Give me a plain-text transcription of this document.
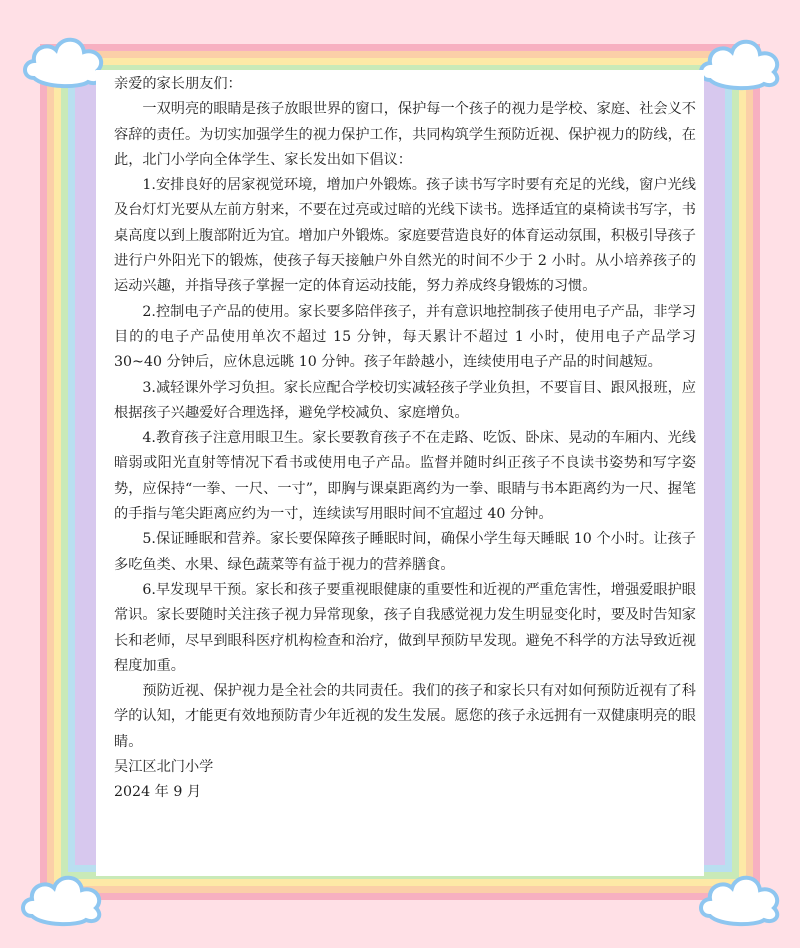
亲爱的家长朋友们：

一双明亮的眼睛是孩子放眼世界的窗口，保护每一个孩子的视力是学校、家庭、社会义不容辞的责任。为切实加强学生的视力保护工作，共同构筑学生预防近视、保护视力的防线，在此，北门小学向全体学生、家长发出如下倡议：

1.安排良好的居家视觉环境，增加户外锻炼。孩子读书写字时要有充足的光线，窗户光线及台灯灯光要从左前方射来，不要在过亮或过暗的光线下读书。选择适宜的桌椅读书写字，书桌高度以到上腹部附近为宜。增加户外锻炼。家庭要营造良好的体育运动氛围，积极引导孩子进行户外阳光下的锻炼，使孩子每天接触户外自然光的时间不少于 2 小时。从小培养孩子的运动兴趣，并指导孩子掌握一定的体育运动技能，努力养成终身锻炼的习惯。

2.控制电子产品的使用。家长要多陪伴孩子，并有意识地控制孩子使用电子产品，非学习目的的电子产品使用单次不超过 15 分钟，每天累计不超过 1 小时，使用电子产品学习 30~40 分钟后，应休息远眺 10 分钟。孩子年龄越小，连续使用电子产品的时间越短。

3.减轻课外学习负担。家长应配合学校切实减轻孩子学业负担，不要盲目、跟风报班，应根据孩子兴趣爱好合理选择，避免学校减负、家庭增负。

4.教育孩子注意用眼卫生。家长要教育孩子不在走路、吃饭、卧床、晃动的车厢内、光线暗弱或阳光直射等情况下看书或使用电子产品。监督并随时纠正孩子不良读书姿势和写字姿势，应保持“一拳、一尺、一寸”，即胸与课桌距离约为一拳、眼睛与书本距离约为一尺、握笔的手指与笔尖距离应约为一寸，连续读写用眼时间不宜超过 40 分钟。

5.保证睡眠和营养。家长要保障孩子睡眠时间，确保小学生每天睡眠 10 个小时。让孩子多吃鱼类、水果、绿色蔬菜等有益于视力的营养膳食。

6.早发现早干预。家长和孩子要重视眼健康的重要性和近视的严重危害性，增强爱眼护眼常识。家长要随时关注孩子视力异常现象，孩子自我感觉视力发生明显变化时，要及时告知家长和老师，尽早到眼科医疗机构检查和治疗，做到早预防早发现。避免不科学的方法导致近视程度加重。

预防近视、保护视力是全社会的共同责任。我们的孩子和家长只有对如何预防近视有了科学的认知，才能更有效地预防青少年近视的发生发展。愿您的孩子永远拥有一双健康明亮的眼睛。

吴江区北门小学

2024 年 9 月
